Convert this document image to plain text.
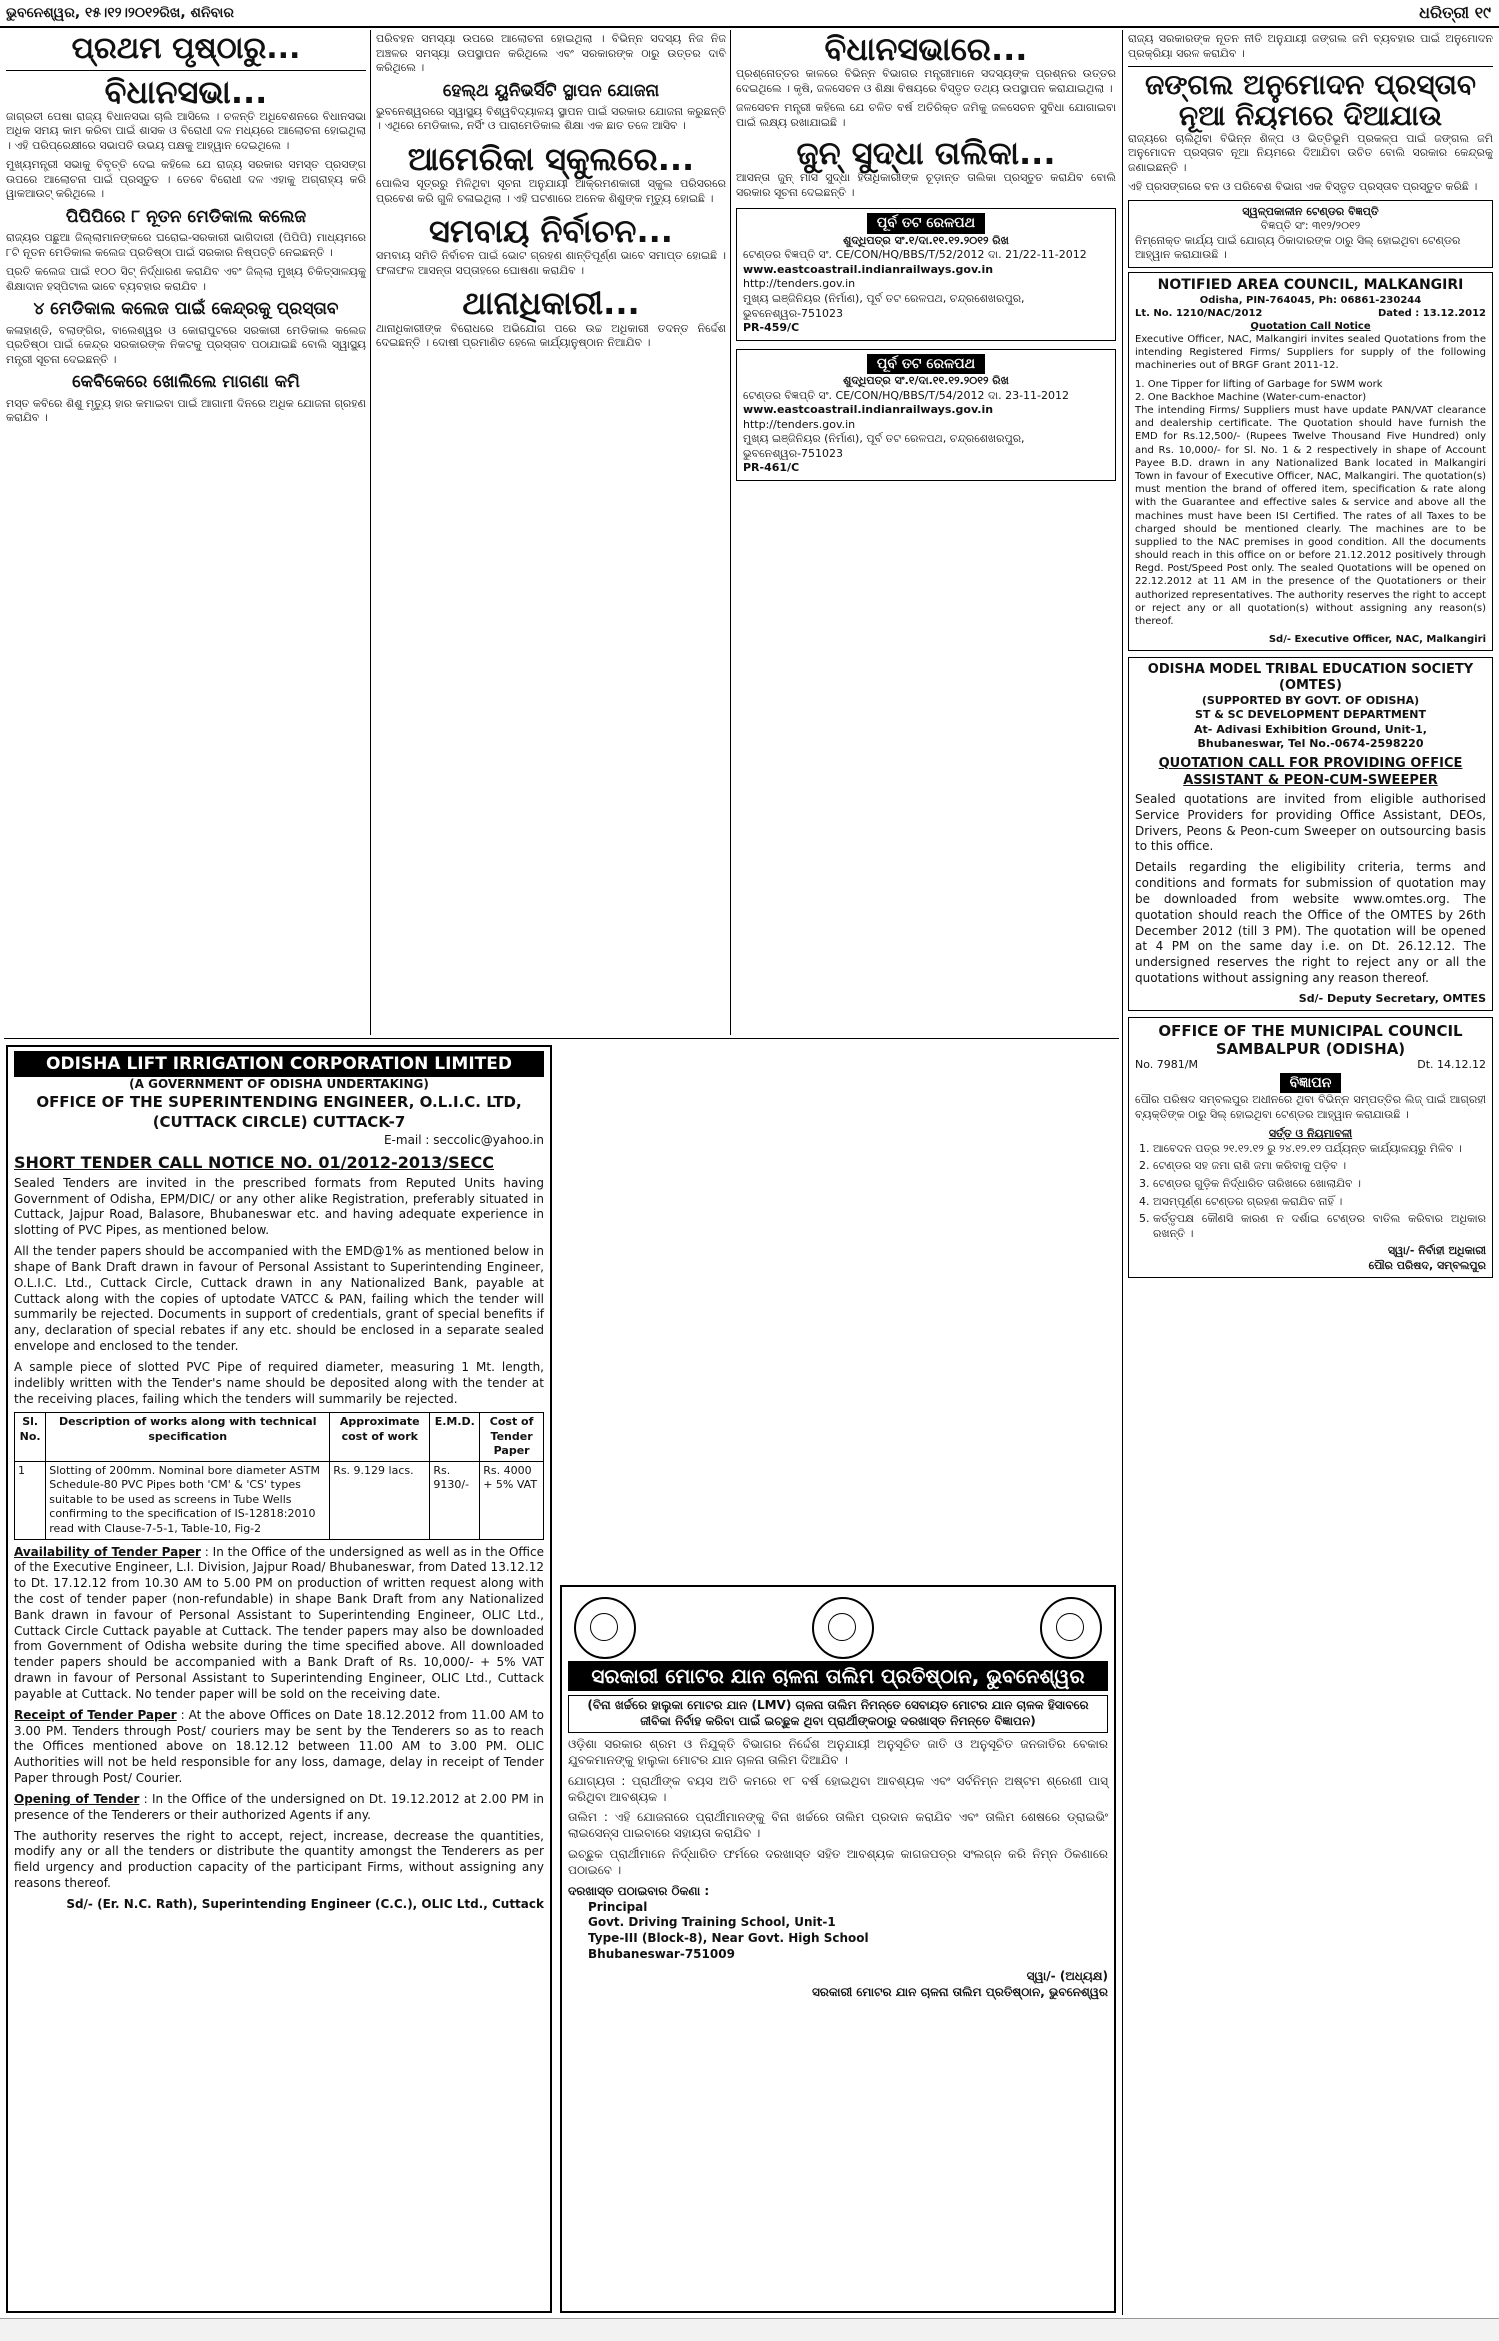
ଭୁବନେଶ୍ୱର, ୧୫।୧୨।୨୦୧୨ରିଖ, ଶନିବାର	ଧରିତ୍ରୀ ୧୯
ପ୍ରଥମ ପୃଷ୍ଠାରୁ...
ବିଧାନସଭା...

ଜାଗ୍ରତୀ ପେଷା ରାଜ୍ୟ ବିଧାନସଭା ଚାଲି ଆସିଲେ । ଚଳନ୍ତି ଅଧିବେଶନରେ ବିଧାନସଭା ଅଧିକ ସମୟ କାମ କରିବା ପାଇଁ ଶାସକ ଓ ବିରୋଧୀ ଦଳ ମଧ୍ୟରେ ଆଲୋଚନା ହୋଇଥିଲା । ଏହି ପରିପ୍ରେକ୍ଷୀରେ ସଭାପତି ଉଭୟ ପକ୍ଷକୁ ଆହ୍ୱାନ ଦେଇଥିଲେ ।

ମୁଖ୍ୟମନ୍ତ୍ରୀ ସଭାକୁ ବିବୃତ୍ତି ଦେଇ କହିଲେ ଯେ ରାଜ୍ୟ ସରକାର ସମସ୍ତ ପ୍ରସଙ୍ଗ ଉପରେ ଆଲୋଚନା ପାଇଁ ପ୍ରସ୍ତୁତ । ତେବେ ବିରୋଧୀ ଦଳ ଏହାକୁ ଅଗ୍ରାହ୍ୟ କରି ୱାକଆଉଟ୍ କରିଥିଲେ ।

ପିପିପିରେ ୮ ନୂତନ ମେଡିକାଲ କଲେଜ

ରାଜ୍ୟର ପଛୁଆ ଜିଲ୍ଲାମାନଙ୍କରେ ଘରୋଇ-ସରକାରୀ ଭାଗିଦାରୀ (ପିପିପି) ମାଧ୍ୟମରେ ୮ଟି ନୂତନ ମେଡିକାଲ କଲେଜ ପ୍ରତିଷ୍ଠା ପାଇଁ ସରକାର ନିଷ୍ପତ୍ତି ନେଇଛନ୍ତି ।

ପ୍ରତି କଲେଜ ପାଇଁ ୧୦୦ ସିଟ୍ ନିର୍ଦ୍ଧାରଣ କରାଯିବ ଏବଂ ଜିଲ୍ଲା ମୁଖ୍ୟ ଚିକିତ୍ସାଳୟକୁ ଶିକ୍ଷାଦାନ ହସ୍ପିଟାଲ ଭାବେ ବ୍ୟବହାର କରାଯିବ ।

୪ ମେଡିକାଲ କଲେଜ ପାଇଁ କେନ୍ଦ୍ରକୁ ପ୍ରସ୍ତାବ

କଳାହାଣ୍ଡି, ବଲାଙ୍ଗିର, ବାଲେଶ୍ୱର ଓ କୋରାପୁଟରେ ସରକାରୀ ମେଡିକାଲ କଲେଜ ପ୍ରତିଷ୍ଠା ପାଇଁ କେନ୍ଦ୍ର ସରକାରଙ୍କ ନିକଟକୁ ପ୍ରସ୍ତାବ ପଠାଯାଇଛି ବୋଲି ସ୍ୱାସ୍ଥ୍ୟ ମନ୍ତ୍ରୀ ସୂଚନା ଦେଇଛନ୍ତି ।

କେବିକେରେ ଖୋଲିଲେ ମାଗଣା କମି

ମସ୍ତ କବିରେ ଶିଶୁ ମୃତ୍ୟୁ ହାର କମାଇବା ପାଇଁ ଆଗାମୀ ଦିନରେ ଅଧିକ ଯୋଜନା ଗ୍ରହଣ କରାଯିବ ।

ପରିବହନ ସମସ୍ୟା ଉପରେ ଆଲୋଚନା ହୋଇଥିଲା । ବିଭିନ୍ନ ସଦସ୍ୟ ନିଜ ନିଜ ଅଞ୍ଚଳର ସମସ୍ୟା ଉପସ୍ଥାପନ କରିଥିଲେ ଏବଂ ସରକାରଙ୍କ ଠାରୁ ଉତ୍ତର ଦାବି କରିଥିଲେ ।

ହେଲ୍ଥ ୟୁନିଭର୍ସିଟି ସ୍ଥାପନ ଯୋଜନା

ଭୁବନେଶ୍ୱରରେ ସ୍ୱାସ୍ଥ୍ୟ ବିଶ୍ୱବିଦ୍ୟାଳୟ ସ୍ଥାପନ ପାଇଁ ସରକାର ଯୋଜନା କରୁଛନ୍ତି । ଏଥିରେ ମେଡିକାଲ, ନର୍ସିଂ ଓ ପାରାମେଡିକାଲ ଶିକ୍ଷା ଏକ ଛାତ ତଳେ ଆସିବ ।

ଆମେରିକା ସ୍କୁଲରେ...

ପୋଲିସ ସୂତ୍ରରୁ ମିଳିଥିବା ସୂଚନା ଅନୁଯାୟୀ ଆକ୍ରମଣକାରୀ ସ୍କୁଲ ପରିସରରେ ପ୍ରବେଶ କରି ଗୁଳି ଚଳାଇଥିଲା । ଏହି ଘଟଣାରେ ଅନେକ ଶିଶୁଙ୍କ ମୃତ୍ୟୁ ହୋଇଛି ।

ସମବାୟ ନିର୍ବାଚନ...

ସମବାୟ ସମିତି ନିର୍ବାଚନ ପାଇଁ ଭୋଟ ଗ୍ରହଣ ଶାନ୍ତିପୂର୍ଣ୍ଣ ଭାବେ ସମାପ୍ତ ହୋଇଛି । ଫଳାଫଳ ଆସନ୍ତା ସପ୍ତାହରେ ଘୋଷଣା କରାଯିବ ।

ଥାନାଧିକାରୀ...

ଥାନାଧିକାରୀଙ୍କ ବିରୋଧରେ ଅଭିଯୋଗ ପରେ ଉଚ୍ଚ ଅଧିକାରୀ ତଦନ୍ତ ନିର୍ଦ୍ଦେଶ ଦେଇଛନ୍ତି । ଦୋଷୀ ପ୍ରମାଣିତ ହେଲେ କାର୍ଯ୍ୟାନୁଷ୍ଠାନ ନିଆଯିବ ।

ବିଧାନସଭାରେ...

ପ୍ରଶ୍ନୋତ୍ତର କାଳରେ ବିଭିନ୍ନ ବିଭାଗର ମନ୍ତ୍ରୀମାନେ ସଦସ୍ୟଙ୍କ ପ୍ରଶ୍ନର ଉତ୍ତର ଦେଇଥିଲେ । କୃଷି, ଜଳସେଚନ ଓ ଶିକ୍ଷା ବିଷୟରେ ବିସ୍ତୃତ ତଥ୍ୟ ଉପସ୍ଥାପନ କରାଯାଇଥିଲା ।

ଜଳସେଚନ ମନ୍ତ୍ରୀ କହିଲେ ଯେ ଚଳିତ ବର୍ଷ ଅତିରିକ୍ତ ଜମିକୁ ଜଳସେଚନ ସୁବିଧା ଯୋଗାଇବା ପାଇଁ ଲକ୍ଷ୍ୟ ରଖାଯାଇଛି ।

ଜୁନ୍ ସୁଦ୍ଧା ତାଲିକା...

ଆସନ୍ତା ଜୁନ୍ ମାସ ସୁଦ୍ଧା ହିତାଧିକାରୀଙ୍କ ଚୂଡ଼ାନ୍ତ ତାଲିକା ପ୍ରସ୍ତୁତ କରାଯିବ ବୋଲି ସରକାର ସୂଚନା ଦେଇଛନ୍ତି ।

ପୂର୍ବ ତଟ ରେଳପଥ
ଶୁଦ୍ଧିପତ୍ର ସଂ.୧/ଦା.୧୧.୧୨.୨୦୧୨ ରିଖ
ଟେଣ୍ଡର ବିଜ୍ଞପ୍ତି ସଂ. CE/CON/HQ/BBS/T/52/2012 ଦା. 21/22-11-2012
www.eastcoastrail.indianrailways.gov.in
http://tenders.gov.in
ମୁଖ୍ୟ ଇଞ୍ଜିନିୟର (ନିର୍ମାଣ), ପୂର୍ବ ତଟ ରେଳପଥ, ଚନ୍ଦ୍ରଶେଖରପୁର, ଭୁବନେଶ୍ୱର-751023
PR-459/C
ପୂର୍ବ ତଟ ରେଳପଥ
ଶୁଦ୍ଧିପତ୍ର ସଂ.୧/ଦା.୧୧.୧୨.୨୦୧୨ ରିଖ
ଟେଣ୍ଡର ବିଜ୍ଞପ୍ତି ସଂ. CE/CON/HQ/BBS/T/54/2012 ଦା. 23-11-2012
www.eastcoastrail.indianrailways.gov.in
http://tenders.gov.in
ମୁଖ୍ୟ ଇଞ୍ଜିନିୟର (ନିର୍ମାଣ), ପୂର୍ବ ତଟ ରେଳପଥ, ଚନ୍ଦ୍ରଶେଖରପୁର, ଭୁବନେଶ୍ୱର-751023
PR-461/C

ରାଜ୍ୟ ସରକାରଙ୍କ ନୂତନ ନୀତି ଅନୁଯାୟୀ ଜଙ୍ଗଲ ଜମି ବ୍ୟବହାର ପାଇଁ ଅନୁମୋଦନ ପ୍ରକ୍ରିୟା ସରଳ କରାଯିବ ।

ଜଙ୍ଗଲ ଅନୁମୋଦନ ପ୍ରସ୍ତାବ ନୂଆ ନିୟମରେ ଦିଆଯାଉ

ରାଜ୍ୟରେ ଚାଲିଥିବା ବିଭିନ୍ନ ଶିଳ୍ପ ଓ ଭିତ୍ତିଭୂମି ପ୍ରକଳ୍ପ ପାଇଁ ଜଙ୍ଗଲ ଜମି ଅନୁମୋଦନ ପ୍ରସ୍ତାବ ନୂଆ ନିୟମରେ ଦିଆଯିବା ଉଚିତ ବୋଲି ସରକାର କେନ୍ଦ୍ରକୁ ଜଣାଇଛନ୍ତି ।

ଏହି ପ୍ରସଙ୍ଗରେ ବନ ଓ ପରିବେଶ ବିଭାଗ ଏକ ବିସ୍ତୃତ ପ୍ରସ୍ତାବ ପ୍ରସ୍ତୁତ କରିଛି ।

ସ୍ୱଳ୍ପକାଳୀନ ଟେଣ୍ଡର ବିଜ୍ଞପ୍ତି
ବିଜ୍ଞପ୍ତି ସଂ: ୩୧୨/୨୦୧୨
ନିମ୍ନୋକ୍ତ କାର୍ଯ୍ୟ ପାଇଁ ଯୋଗ୍ୟ ଠିକାଦାରଙ୍କ ଠାରୁ ସିଲ୍ ହୋଇଥିବା ଟେଣ୍ଡର ଆହ୍ୱାନ କରାଯାଉଛି ।
NOTIFIED AREA COUNCIL, MALKANGIRI
Odisha, PIN-764045, Ph: 06861-230244
Lt. No. 1210/NAC/2012	Dated : 13.12.2012
Quotation Call Notice

Executive Officer, NAC, Malkangiri invites sealed Quotations from the intending Registered Firms/ Suppliers for supply of the following machineries out of BRGF Grant 2011-12.

1. One Tipper for lifting of Garbage for SWM work
2. One Backhoe Machine (Water-cum-enactor)

The intending Firms/ Suppliers must have update PAN/VAT clearance and dealership certificate. The Quotation should have furnish the EMD for Rs.12,500/- (Rupees Twelve Thousand Five Hundred) only and Rs. 10,000/- for Sl. No. 1 & 2 respectively in shape of Account Payee B.D. drawn in any Nationalized Bank located in Malkangiri Town in favour of Executive Officer, NAC, Malkangiri. The quotation(s) must mention the brand of offered item, specification & rate along with the Guarantee and effective sales & service and above all the machines must have been ISI Certified. The rates of all Taxes to be charged should be mentioned clearly. The machines are to be supplied to the NAC premises in good condition. All the documents should reach in this office on or before 21.12.2012 positively through Regd. Post/Speed Post only. The sealed Quotations will be opened on 22.12.2012 at 11 AM in the presence of the Quotationers or their authorized representatives. The authority reserves the right to accept or reject any or all quotation(s) without assigning any reason(s) thereof.

Sd/- Executive Officer, NAC, Malkangiri
ODISHA MODEL TRIBAL EDUCATION SOCIETY (OMTES)
(SUPPORTED BY GOVT. OF ODISHA)
ST & SC DEVELOPMENT DEPARTMENT
At- Adivasi Exhibition Ground, Unit-1,
Bhubaneswar, Tel No.-0674-2598220
QUOTATION CALL FOR PROVIDING OFFICE ASSISTANT & PEON-CUM-SWEEPER

Sealed quotations are invited from eligible authorised Service Providers for providing Office Assistant, DEOs, Drivers, Peons & Peon-cum Sweeper on outsourcing basis to this office.

Details regarding the eligibility criteria, terms and conditions and formats for submission of quotation may be downloaded from website www.omtes.org. The quotation should reach the Office of the OMTES by 26th December 2012 (till 3 PM). The quotation will be opened at 4 PM on the same day i.e. on Dt. 26.12.12. The undersigned reserves the right to reject any or all the quotations without assigning any reason thereof.

Sd/- Deputy Secretary, OMTES
OFFICE OF THE MUNICIPAL COUNCIL SAMBALPUR (ODISHA)
No. 7981/M	Dt. 14.12.12
ବିଜ୍ଞାପନ

ପୌର ପରିଷଦ ସମ୍ବଲପୁର ଅଧୀନରେ ଥିବା ବିଭିନ୍ନ ସମ୍ପତ୍ତିର ଲିଜ୍ ପାଇଁ ଆଗ୍ରହୀ ବ୍ୟକ୍ତିଙ୍କ ଠାରୁ ସିଲ୍ ହୋଇଥିବା ଟେଣ୍ଡର ଆହ୍ୱାନ କରାଯାଉଛି ।

ସର୍ତ୍ତ ଓ ନିୟମାବଳୀ
1. ଆବେଦନ ପତ୍ର ୨୧.୧୨.୧୨ ରୁ ୨୪.୧୨.୧୨ ପର୍ଯ୍ୟନ୍ତ କାର୍ଯ୍ୟାଳୟରୁ ମିଳିବ ।
2. ଟେଣ୍ଡର ସହ ଜମା ରାଶି ଜମା କରିବାକୁ ପଡ଼ିବ ।
3. ଟେଣ୍ଡର ଗୁଡ଼ିକ ନିର୍ଦ୍ଧାରିତ ତାରିଖରେ ଖୋଲାଯିବ ।
4. ଅସମ୍ପୂର୍ଣ୍ଣ ଟେଣ୍ଡର ଗ୍ରହଣ କରାଯିବ ନାହିଁ ।
5. କର୍ତ୍ତୃପକ୍ଷ କୌଣସି କାରଣ ନ ଦର୍ଶାଇ ଟେଣ୍ଡର ବାତିଲ କରିବାର ଅଧିକାର ରଖନ୍ତି ।
ସ୍ୱା/- ନିର୍ବାହୀ ଅଧିକାରୀ
ପୌର ପରିଷଦ, ସମ୍ବଲପୁର
ODISHA LIFT IRRIGATION CORPORATION LIMITED
(A GOVERNMENT OF ODISHA UNDERTAKING)
OFFICE OF THE SUPERINTENDING ENGINEER, O.L.I.C. LTD,
(CUTTACK CIRCLE) CUTTACK-7
E-mail : seccolic@yahoo.in
SHORT TENDER CALL NOTICE NO. 01/2012-2013/SECC

Sealed Tenders are invited in the prescribed formats from Reputed Units having Government of Odisha, EPM/DIC/ or any other alike Registration, preferably situated in Cuttack, Jajpur Road, Balasore, Bhubaneswar etc. and having adequate experience in slotting of PVC Pipes, as mentioned below.

All the tender papers should be accompanied with the EMD@1% as mentioned below in shape of Bank Draft drawn in favour of Personal Assistant to Superintending Engineer, O.L.I.C. Ltd., Cuttack Circle, Cuttack drawn in any Nationalized Bank, payable at Cuttack along with the copies of uptodate VATCC & PAN, failing which the tender will summarily be rejected. Documents in support of credentials, grant of special benefits if any, declaration of special rebates if any etc. should be enclosed in a separate sealed envelope and enclosed to the tender.

A sample piece of slotted PVC Pipe of required diameter, measuring 1 Mt. length, indelibly written with the Tender's name should be deposited along with the tender at the receiving places, failing which the tenders will summarily be rejected.

Sl. No.	Description of works along with technical specification	Approximate cost of work	E.M.D.	Cost of Tender Paper
1	Slotting of 200mm. Nominal bore diameter ASTM Schedule-80 PVC Pipes both 'CM' & 'CS' types suitable to be used as screens in Tube Wells confirming to the specification of IS-12818:2010 read with Clause-7-5-1, Table-10, Fig-2	Rs. 9.129 lacs.	Rs. 9130/-	Rs. 4000 + 5% VAT

Availability of Tender Paper : In the Office of the undersigned as well as in the Office of the Executive Engineer, L.I. Division, Jajpur Road/ Bhubaneswar, from Dated 13.12.12 to Dt. 17.12.12 from 10.30 AM to 5.00 PM on production of written request along with the cost of tender paper (non-refundable) in shape Bank Draft from any Nationalized Bank drawn in favour of Personal Assistant to Superintending Engineer, OLIC Ltd., Cuttack Circle Cuttack payable at Cuttack. The tender papers may also be downloaded from Government of Odisha website during the time specified above. All downloaded tender papers should be accompanied with a Bank Draft of Rs. 10,000/- + 5% VAT drawn in favour of Personal Assistant to Superintending Engineer, OLIC Ltd., Cuttack payable at Cuttack. No tender paper will be sold on the receiving date.

Receipt of Tender Paper : At the above Offices on Date 18.12.2012 from 11.00 AM to 3.00 PM. Tenders through Post/ couriers may be sent by the Tenderers so as to reach the Offices mentioned above on 18.12.12 between 11.00 AM to 3.00 PM. OLIC Authorities will not be held responsible for any loss, damage, delay in receipt of Tender Paper through Post/ Courier.

Opening of Tender : In the Office of the undersigned on Dt. 19.12.2012 at 2.00 PM in presence of the Tenderers or their authorized Agents if any.

The authority reserves the right to accept, reject, increase, decrease the quantities, modify any or all the tenders or distribute the quantity amongst the Tenderers as per field urgency and production capacity of the participant Firms, without assigning any reasons thereof.

Sd/- (Er. N.C. Rath), Superintending Engineer (C.C.), OLIC Ltd., Cuttack
ସରକାରୀ ମୋଟର ଯାନ ଚାଳନା ତାଲିମ ପ୍ରତିଷ୍ଠାନ, ଭୁବନେଶ୍ୱର
(ବିନା ଖର୍ଚ୍ଚରେ ହାଲୁକା ମୋଟର ଯାନ (LMV) ଚାଳନା ତାଲିମ ନିମନ୍ତେ ସେବାୟତ ମୋଟର ଯାନ ଚାଳକ ହିସାବରେ ଜୀବିକା ନିର୍ବାହ କରିବା ପାଇଁ ଇଚ୍ଛୁକ ଥିବା ପ୍ରାର୍ଥୀଙ୍କଠାରୁ ଦରଖାସ୍ତ ନିମନ୍ତେ ବିଜ୍ଞାପନ)

ଓଡ଼ିଶା ସରକାର ଶ୍ରମ ଓ ନିଯୁକ୍ତି ବିଭାଗର ନିର୍ଦ୍ଦେଶ ଅନୁଯାୟୀ ଅନୁସୂଚିତ ଜାତି ଓ ଅନୁସୂଚିତ ଜନଜାତିର ବେକାର ଯୁବକମାନଙ୍କୁ ହାଲୁକା ମୋଟର ଯାନ ଚାଳନା ତାଲିମ ଦିଆଯିବ ।

ଯୋଗ୍ୟତା : ପ୍ରାର୍ଥୀଙ୍କ ବୟସ ଅତି କମରେ ୧୮ ବର୍ଷ ହୋଇଥିବା ଆବଶ୍ୟକ ଏବଂ ସର୍ବନିମ୍ନ ଅଷ୍ଟମ ଶ୍ରେଣୀ ପାସ୍ କରିଥିବା ଆବଶ୍ୟକ ।

ତାଲିମ : ଏହି ଯୋଜନାରେ ପ୍ରାର୍ଥୀମାନଙ୍କୁ ବିନା ଖର୍ଚ୍ଚରେ ତାଲିମ ପ୍ରଦାନ କରାଯିବ ଏବଂ ତାଲିମ ଶେଷରେ ଡ୍ରାଇଭିଂ ଲାଇସେନ୍ସ ପାଇବାରେ ସହାୟତା କରାଯିବ ।

ଇଚ୍ଛୁକ ପ୍ରାର୍ଥୀମାନେ ନିର୍ଦ୍ଧାରିତ ଫର୍ମରେ ଦରଖାସ୍ତ ସହିତ ଆବଶ୍ୟକ କାଗଜପତ୍ର ସଂଲଗ୍ନ କରି ନିମ୍ନ ଠିକଣାରେ ପଠାଇବେ ।

ଦରଖାସ୍ତ ପଠାଇବାର ଠିକଣା :
Principal
Govt. Driving Training School, Unit-1
Type-III (Block-8), Near Govt. High School
Bhubaneswar-751009
ସ୍ୱା/- (ଅଧ୍ୟକ୍ଷ)
ସରକାରୀ ମୋଟର ଯାନ ଚାଳନା ତାଲିମ ପ୍ରତିଷ୍ଠାନ, ଭୁବନେଶ୍ୱର
